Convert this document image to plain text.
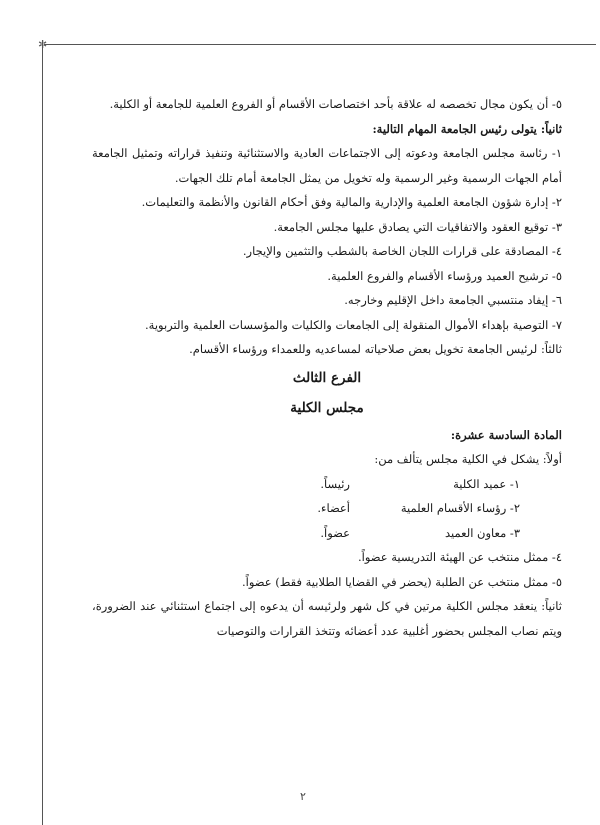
✲

٥- أن يكون مجال تخصصه له علاقة بأحد اختصاصات الأقسام أو الفروع العلمية للجامعة أو الكلية.

ثانياً: يتولى رئيس الجامعة المهام التالية:

١- رئاسة مجلس الجامعة ودعوته إلى الاجتماعات العادية والاستثنائية وتنفيذ قراراته وتمثيل الجامعة أمام الجهات الرسمية وغير الرسمية وله تخويل من يمثل الجامعة أمام تلك الجهات.

٢- إدارة شؤون الجامعة العلمية والإدارية والمالية وفق أحكام القانون والأنظمة والتعليمات.

٣- توقيع العقود والاتفاقيات التي يصادق عليها مجلس الجامعة.

٤- المصادقة على قرارات اللجان الخاصة بالشطب والتثمين والإيجار.

٥- ترشيح العميد ورؤساء الأقسام والفروع العلمية.

٦- إيفاد منتسبي الجامعة داخل الإقليم وخارجه.

٧- التوصية بإهداء الأموال المنقولة إلى الجامعات والكليات والمؤسسات العلمية والتربوية.

ثالثاً: لرئيس الجامعة تخويل بعض صلاحياته لمساعديه وللعمداء ورؤساء الأقسام.

الفرع الثالث

مجلس الكلية

المادة السادسة عشرة:

أولاً: يشكل في الكلية مجلس يتألف من:

١- عميد الكلية
رئيساً.
٢- رؤساء الأقسام العلمية
أعضاء.
٣- معاون العميد
عضواً.

٤- ممثل منتخب عن الهيئة التدريسية عضواً.

٥- ممثل منتخب عن الطلبة (يحضر في القضايا الطلابية فقط) عضواً.

ثانياً: ينعقد مجلس الكلية مرتين في كل شهر ولرئيسه أن يدعوه إلى اجتماع استثنائي عند الضرورة، ويتم نصاب المجلس بحضور أغلبية عدد أعضائه وتتخذ القرارات والتوصيات

٢
